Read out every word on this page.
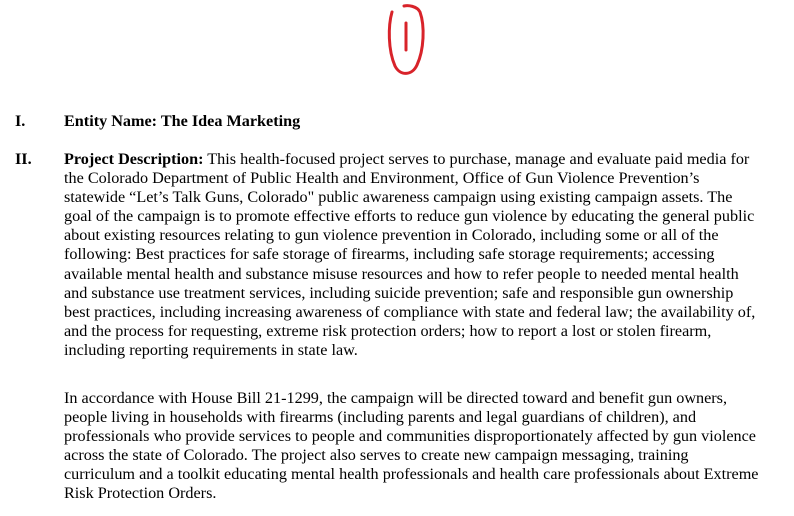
I. Entity Name: The Idea Marketing
II. Project Description: This health-focused project serves to purchase, manage and evaluate paid media for
the Colorado Department of Public Health and Environment, Office of Gun Violence Prevention’s
statewide “Let’s Talk Guns, Colorado" public awareness campaign using existing campaign assets. The
goal of the campaign is to promote effective efforts to reduce gun violence by educating the general public
about existing resources relating to gun violence prevention in Colorado, including some or all of the
following: Best practices for safe storage of firearms, including safe storage requirements; accessing
available mental health and substance misuse resources and how to refer people to needed mental health
and substance use treatment services, including suicide prevention; safe and responsible gun ownership
best practices, including increasing awareness of compliance with state and federal law; the availability of,
and the process for requesting, extreme risk protection orders; how to report a lost or stolen firearm,
including reporting requirements in state law.
In accordance with House Bill 21-1299, the campaign will be directed toward and benefit gun owners,
people living in households with firearms (including parents and legal guardians of children), and
professionals who provide services to people and communities disproportionately affected by gun violence
across the state of Colorado. The project also serves to create new campaign messaging, training
curriculum and a toolkit educating mental health professionals and health care professionals about Extreme
Risk Protection Orders.
